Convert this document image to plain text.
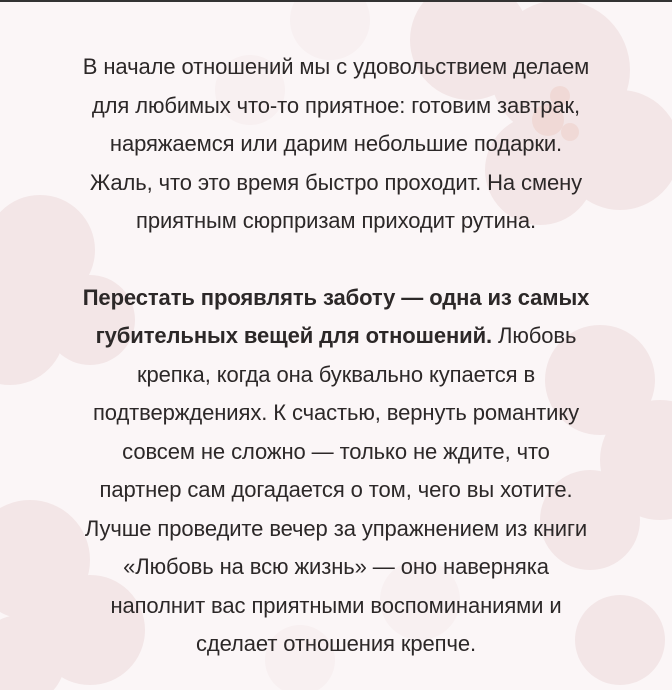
В начале отношений мы с удовольствием делаем
для любимых что-то приятное: готовим завтрак,
наряжаемся или дарим небольшие подарки.
Жаль, что это время быстро проходит. На смену
приятным сюрпризам приходит рутина.

Перестать проявлять заботу — одна из самых
губительных вещей для отношений. Любовь
крепка, когда она буквально купается в
подтверждениях. К счастью, вернуть романтику
совсем не сложно — только не ждите, что
партнер сам догадается о том, чего вы хотите.
Лучше проведите вечер за упражнением из книги
«Любовь на всю жизнь» — оно наверняка
наполнит вас приятными воспоминаниями и
сделает отношения крепче.
